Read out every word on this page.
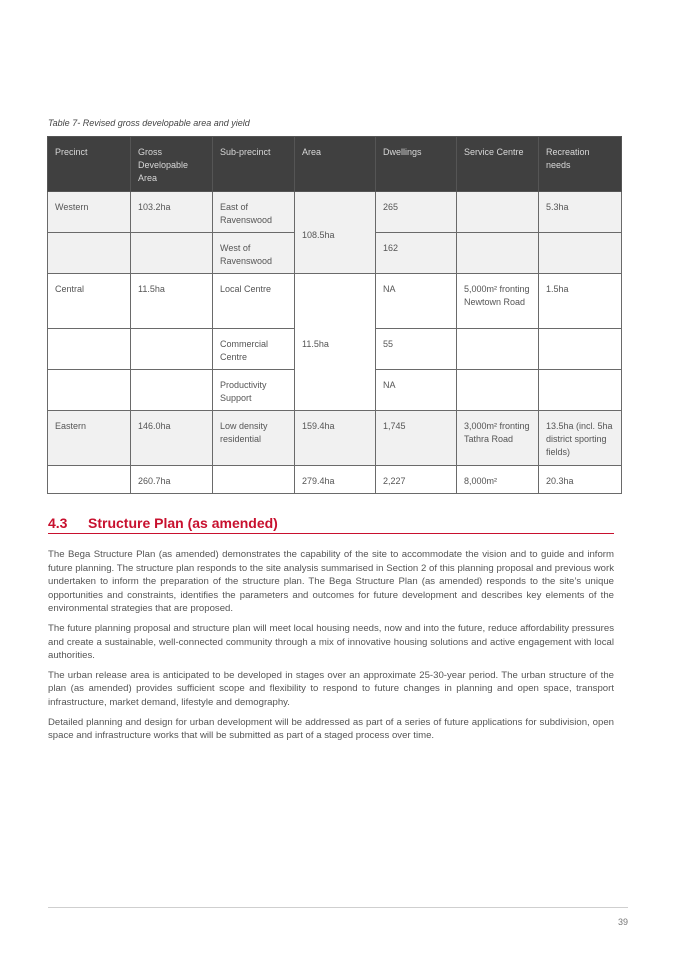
Table 7- Revised gross developable area and yield
Precinct	Gross Developable Area	Sub-precinct	Area	Dwellings	Service Centre	Recreation needs
Western	103.2ha	East of Ravenswood	108.5ha	265		5.3ha
		West of Ravenswood		162		
Central	11.5ha	Local Centre	11.5ha	NA	5,000m² fronting Newtown Road	1.5ha
		Commercial Centre		55		
		Productivity Support		NA		
Eastern	146.0ha	Low density residential	159.4ha	1,745	3,000m² fronting Tathra Road	13.5ha (incl. 5ha district sporting fields)
	260.7ha		279.4ha	2,227	8,000m²	20.3ha
4.3 Structure Plan (as amended)

The Bega Structure Plan (as amended) demonstrates the capability of the site to accommodate the vision and to guide and inform future planning. The structure plan responds to the site analysis summarised in Section 2 of this planning proposal and previous work undertaken to inform the preparation of the structure plan. The Bega Structure Plan (as amended) responds to the site’s unique opportunities and constraints, identifies the parameters and outcomes for future development and describes key elements of the environmental strategies that are proposed.

The future planning proposal and structure plan will meet local housing needs, now and into the future, reduce affordability pressures and create a sustainable, well-connected community through a mix of innovative housing solutions and active engagement with local authorities.

The urban release area is anticipated to be developed in stages over an approximate 25-30-year period. The urban structure of the plan (as amended) provides sufficient scope and flexibility to respond to future changes in planning and open space, transport infrastructure, market demand, lifestyle and demography.

Detailed planning and design for urban development will be addressed as part of a series of future applications for subdivision, open space and infrastructure works that will be submitted as part of a staged process over time.

39
